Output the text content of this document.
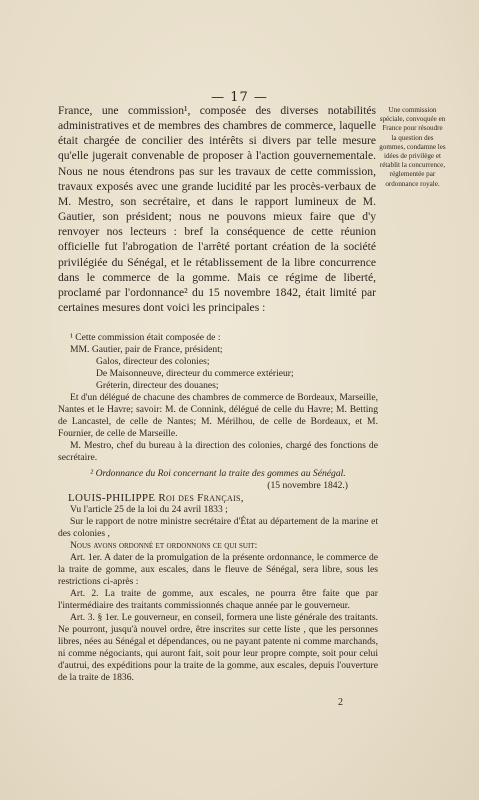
— 17 —

France, une commission¹, composée des diverses notabilités administratives et de membres des chambres de commerce, laquelle était chargée de concilier des intérêts si divers par telle mesure qu'elle jugerait convenable de proposer à l'action gouvernementale. Nous ne nous étendrons pas sur les travaux de cette commission, travaux exposés avec une grande lucidité par les procès-verbaux de M. Mestro, son secrétaire, et dans le rapport lumineux de M. Gautier, son président; nous ne pouvons mieux faire que d'y renvoyer nos lecteurs : bref la conséquence de cette réunion officielle fut l'abrogation de l'arrêté portant création de la société privilégiée du Sénégal, et le rétablissement de la libre concurrence dans le commerce de la gomme. Mais ce régime de liberté, proclamé par l'ordonnance² du 15 novembre 1842, était limité par certaines mesures dont voici les principales :

Une commission spéciale, convoquée en France pour résoudre la question des gommes, condamne les idées de privilège et rétablit la concurrence, réglementée par ordonnance royale.

¹ Cette commission était composée de :

MM. Gautier, pair de France, président;

Galos, directeur des colonies;

De Maisonneuve, directeur du commerce extérieur;

Gréterin, directeur des douanes;

Et d'un délégué de chacune des chambres de commerce de Bordeaux, Marseille, Nantes et le Havre; savoir: M. de Connink, délégué de celle du Havre; M. Betting de Lancastel, de celle de Nantes; M. Mérilhou, de celle de Bordeaux, et M. Fournier, de celle de Marseille.

M. Mestro, chef du bureau à la direction des colonies, chargé des fonctions de secrétaire.

² Ordonnance du Roi concernant la traite des gommes au Sénégal.

(15 novembre 1842.)

LOUIS-PHILIPPE Roi des Français,

Vu l'article 25 de la loi du 24 avril 1833 ;

Sur le rapport de notre ministre secrétaire d'État au département de la marine et des colonies ,

Nous avons ordonné et ordonnons ce qui suit:

Art. 1er. A dater de la promulgation de la présente ordonnance, le commerce de la traite de gomme, aux escales, dans le fleuve de Sénégal, sera libre, sous les restrictions ci-après :

Art. 2. La traite de gomme, aux escales, ne pourra être faite que par l'intermédiaire des traitants commissionnés chaque année par le gouverneur.

Art. 3. § 1er. Le gouverneur, en conseil, formera une liste générale des traitants. Ne pourront, jusqu'à nouvel ordre, être inscrites sur cette liste , que les personnes libres, nées au Sénégal et dépendances, ou ne payant patente ni comme marchands, ni comme négociants, qui auront fait, soit pour leur propre compte, soit pour celui d'autrui, des expéditions pour la traite de la gomme, aux escales, depuis l'ouverture de la traite de 1836.

2
